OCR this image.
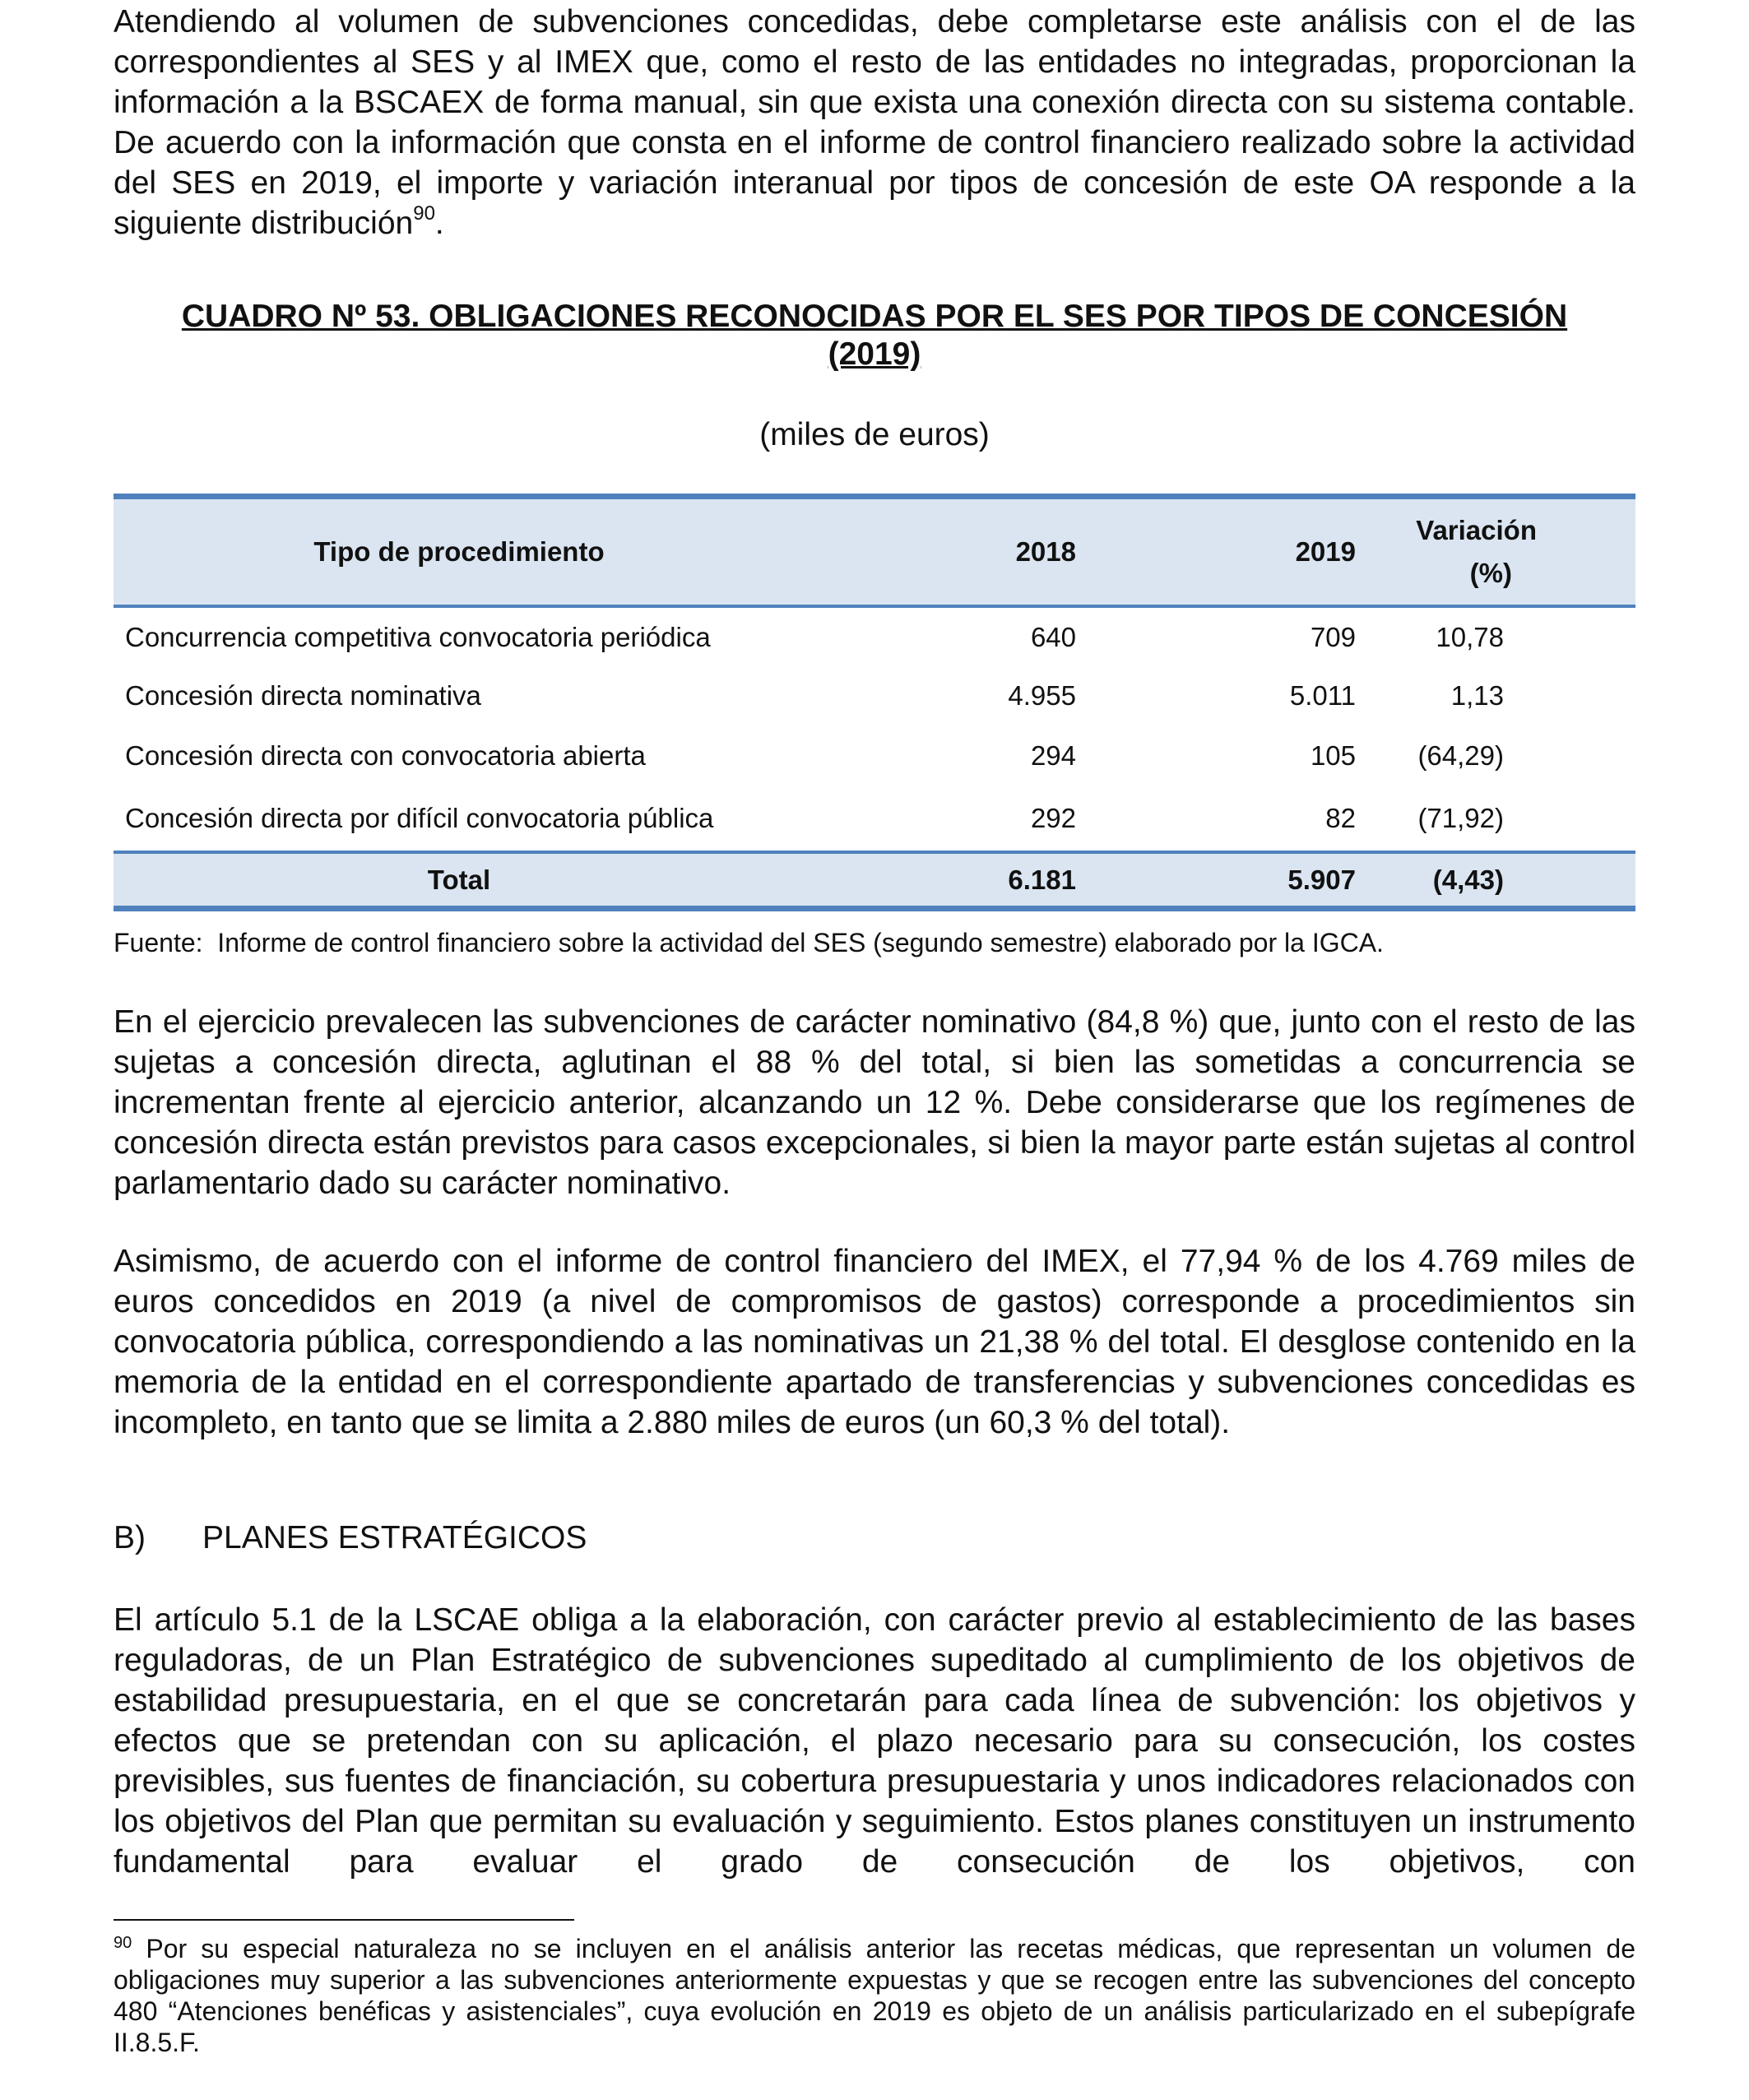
Atendiendo al volumen de subvenciones concedidas, debe completarse este análisis con el de las correspondientes al SES y al IMEX que, como el resto de las entidades no integradas, proporcionan la información a la BSCAEX de forma manual, sin que exista una conexión directa con su sistema contable. De acuerdo con la información que consta en el informe de control financiero realizado sobre la actividad del SES en 2019, el importe y variación interanual por tipos de concesión de este OA responde a la siguiente distribución$^{90}$.

CUADRO Nº 53. OBLIGACIONES RECONOCIDAS POR EL SES POR TIPOS DE CONCESIÓN
(2019)

(miles de euros)

Tipo de procedimiento	2018	2019	Variación
(%)
Concurrencia competitiva convocatoria periódica	640	709	10,78
Concesión directa nominativa	4.955	5.011	1,13
Concesión directa con convocatoria abierta	294	105	(64,29)
Concesión directa por difícil convocatoria pública	292	82	(71,92)
Total	6.181	5.907	(4,43)

Fuente:  Informe de control financiero sobre la actividad del SES (segundo semestre) elaborado por la IGCA.

En el ejercicio prevalecen las subvenciones de carácter nominativo (84,8 %) que, junto con el resto de las sujetas a concesión directa, aglutinan el 88 % del total, si bien las sometidas a concurrencia se incrementan frente al ejercicio anterior, alcanzando un 12 %. Debe considerarse que los regímenes de concesión directa están previstos para casos excepcionales, si bien la mayor parte están sujetas al control parlamentario dado su carácter nominativo.

Asimismo, de acuerdo con el informe de control financiero del IMEX, el 77,94 % de los 4.769 miles de euros concedidos en 2019 (a nivel de compromisos de gastos) corresponde a procedimientos sin convocatoria pública, correspondiendo a las nominativas un 21,38 % del total. El desglose contenido en la memoria de la entidad en el correspondiente apartado de transferencias y subvenciones concedidas es incompleto, en tanto que se limita a 2.880 miles de euros (un 60,3 % del total).

B) PLANES ESTRATÉGICOS

El artículo 5.1 de la LSCAE obliga a la elaboración, con carácter previo al establecimiento de las bases reguladoras, de un Plan Estratégico de subvenciones supeditado al cumplimiento de los objetivos de estabilidad presupuestaria, en el que se concretarán para cada línea de subvención: los objetivos y efectos que se pretendan con su aplicación, el plazo necesario para su consecución, los costes previsibles, sus fuentes de financiación, su cobertura presupuestaria y unos indicadores relacionados con los objetivos del Plan que permitan su evaluación y seguimiento. Estos planes constituyen un instrumento fundamental para evaluar el grado de consecución de los objetivos, con

$^{90}$ Por su especial naturaleza no se incluyen en el análisis anterior las recetas médicas, que representan un volumen de obligaciones muy superior a las subvenciones anteriormente expuestas y que se recogen entre las subvenciones del concepto 480 “Atenciones benéficas y asistenciales”, cuya evolución en 2019 es objeto de un análisis particularizado en el subepígrafe II.8.5.F.
